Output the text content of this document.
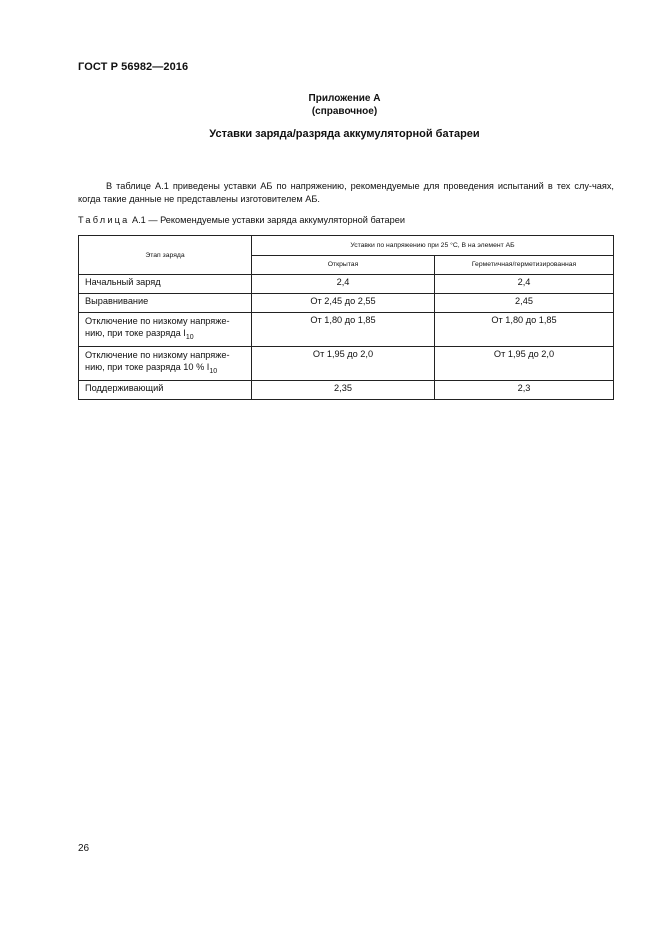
ГОСТ Р 56982—2016
Приложение А
(справочное)
Уставки заряда/разряда аккумуляторной батареи
В таблице А.1 приведены уставки АБ по напряжению, рекомендуемые для проведения испытаний в тех слу-чаях, когда такие данные не представлены изготовителем АБ.
Таблица А.1 — Рекомендуемые уставки заряда аккумуляторной батареи
Этап заряда	Уставки по напряжению при 25 °С, В на элемент АБ	
	Открытая	Герметичная/герметизированная
Начальный заряд	2,4	2,4
Выравнивание	От 2,45 до 2,55	2,45
Отключение по низкому напряже-нию, при токе разряда $I_{10}$	От 1,80 до 1,85	От 1,80 до 1,85
Отключение по низкому напряже-нию, при токе разряда 10 % $I_{10}$	От 1,95 до 2,0	От 1,95 до 2,0
Поддерживающий	2,35	2,3
26
